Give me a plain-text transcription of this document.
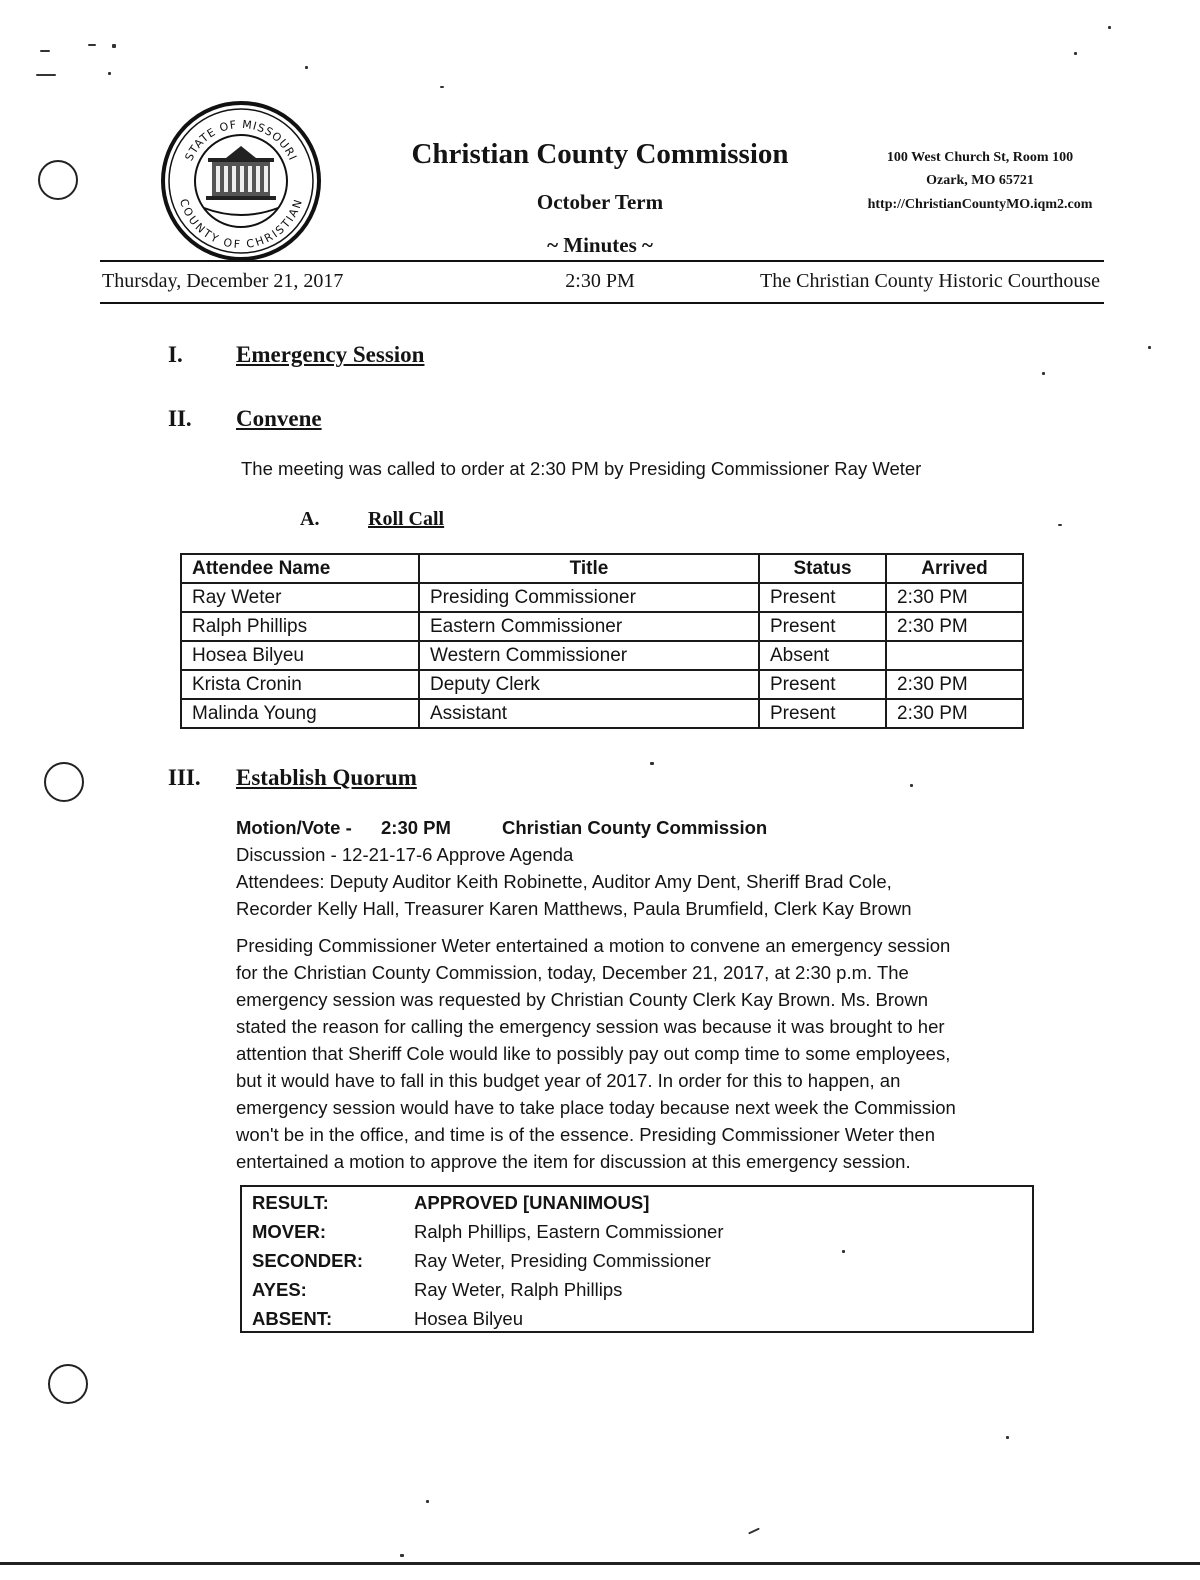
STATE OF MISSOURI
COUNTY OF CHRISTIAN
Christian County Commission
October Term
~ Minutes ~
100 West Church St, Room 100
Ozark, MO 65721
http://ChristianCountyMO.iqm2.com
Thursday, December 21, 2017	2:30 PM	The Christian County Historic Courthouse
I. Emergency Session
II. Convene
The meeting was called to order at 2:30 PM by Presiding Commissioner Ray Weter
A. Roll Call
Attendee Name	Title	Status	Arrived
Ray Weter	Presiding Commissioner	Present	2:30 PM
Ralph Phillips	Eastern Commissioner	Present	2:30 PM
Hosea Bilyeu	Western Commissioner	Absent	
Krista Cronin	Deputy Clerk	Present	2:30 PM
Malinda Young	Assistant	Present	2:30 PM
III. Establish Quorum
Motion/Vote - 2:30 PM	Christian County Commission
Discussion - 12-21-17-6 Approve Agenda
Attendees: Deputy Auditor Keith Robinette, Auditor Amy Dent, Sheriff Brad Cole,
Recorder Kelly Hall, Treasurer Karen Matthews, Paula Brumfield, Clerk Kay Brown
Presiding Commissioner Weter entertained a motion to convene an emergency session
for the Christian County Commission, today, December 21, 2017, at 2:30 p.m. The
emergency session was requested by Christian County Clerk Kay Brown. Ms. Brown
stated the reason for calling the emergency session was because it was brought to her
attention that Sheriff Cole would like to possibly pay out comp time to some employees,
but it would have to fall in this budget year of 2017. In order for this to happen, an
emergency session would have to take place today because next week the Commission
won't be in the office, and time is of the essence. Presiding Commissioner Weter then
entertained a motion to approve the item for discussion at this emergency session.
RESULT:	APPROVED [UNANIMOUS]
MOVER:	Ralph Phillips, Eastern Commissioner
SECONDER:	Ray Weter, Presiding Commissioner
AYES:	Ray Weter, Ralph Phillips
ABSENT:	Hosea Bilyeu
